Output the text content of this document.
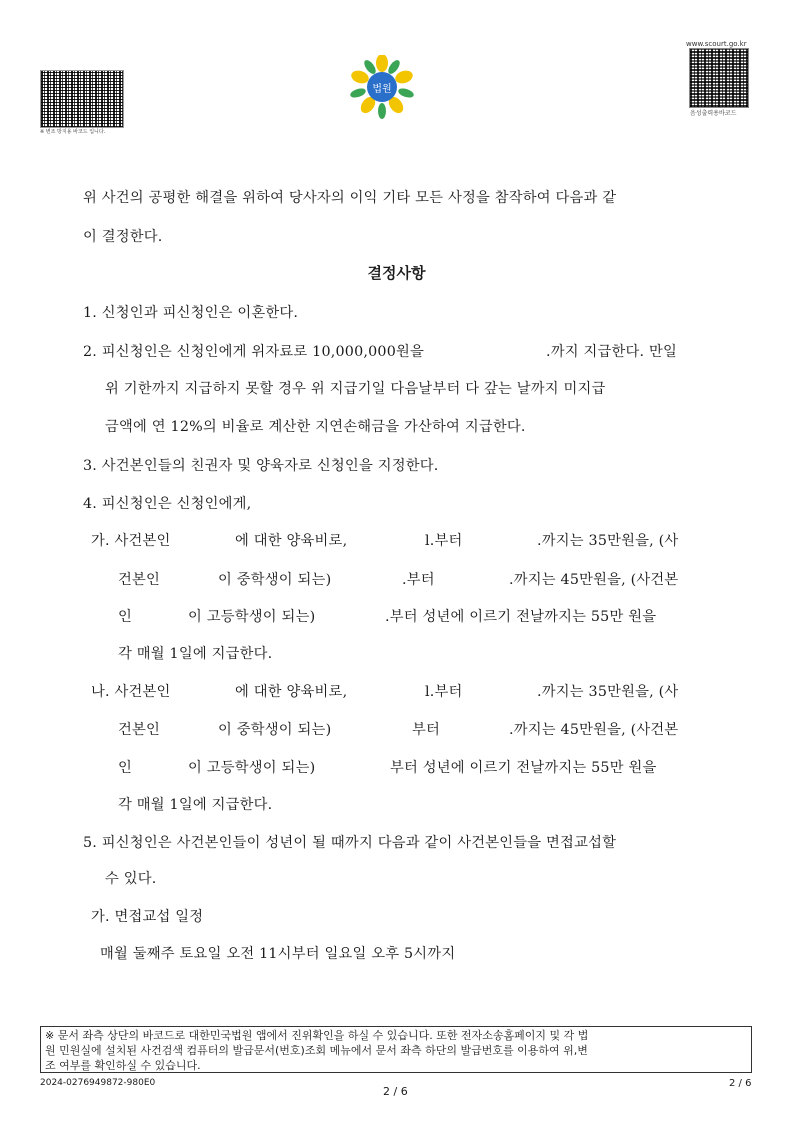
※ 변조 방지용 바코드 입니다.
법원
www.scourt.go.kr
음성출력용바코드
위 사건의 공평한 해결을 위하여 당사자의 이익 기타 모든 사정을 참작하여 다음과 같
이 결정한다.
결정사항
1. 신청인과 피신청인은 이혼한다.
2. 피신청인은 신청인에게 위자료로 10,000,000원을	.까지 지급한다. 만일
위 기한까지 지급하지 못할 경우 위 지급기일 다음날부터 다 갚는 날까지 미지급
금액에 연 12%의 비율로 계산한 지연손해금을 가산하여 지급한다.
3. 사건본인들의 친권자 및 양육자로 신청인을 지정한다.
4. 피신청인은 신청인에게,
가. 사건본인	에 대한 양육비로,	l.부터	.까지는 35만원을, (사
건본인	이 중학생이 되는)	.부터	.까지는 45만원을, (사건본
인	이 고등학생이 되는)	.부터 성년에 이르기 전날까지는 55만 원을
각 매월 1일에 지급한다.
나. 사건본인	에 대한 양육비로,	l.부터	.까지는 35만원을, (사
건본인	이 중학생이 되는)	부터	.까지는 45만원을, (사건본
인	이 고등학생이 되는)	부터 성년에 이르기 전날까지는 55만 원을
각 매월 1일에 지급한다.
5. 피신청인은 사건본인들이 성년이 될 때까지 다음과 같이 사건본인들을 면접교섭할
수 있다.
가. 면접교섭 일정
매월 둘째주 토요일 오전 11시부터 일요일 오후 5시까지
※ 문서 좌측 상단의 바코드로 대한민국법원 앱에서 진위확인을 하실 수 있습니다. 또한 전자소송홈페이지 및 각 법
원 민원실에 설치된 사건검색 컴퓨터의 발급문서(번호)조회 메뉴에서 문서 좌측 하단의 발급번호를 이용하여 위,변
조 여부를 확인하실 수 있습니다.
2024-0276949872-980E0
2 / 6
2 / 6
